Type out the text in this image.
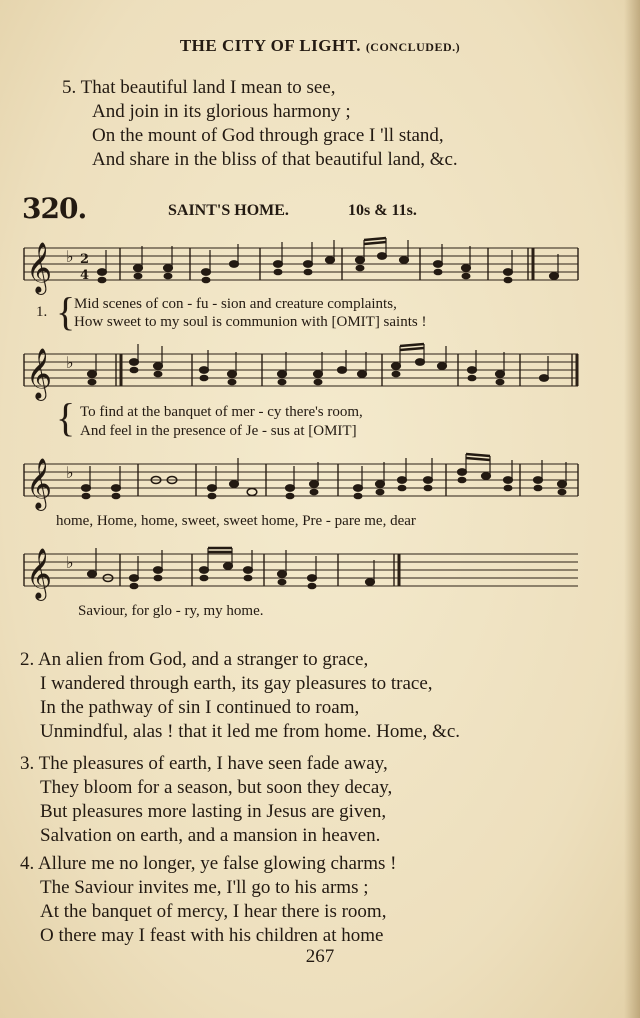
THE CITY OF LIGHT. (CONCLUDED.)
5. That beautiful land I mean to see,
And join in its glorious harmony ;
On the mount of God through grace I 'll stand,
And share in the bliss of that beautiful land, &c.
320.	SAINT'S HOME.	10s & 11s.
𝄞 ♭ 2
4
1. {
Mid scenes of con - fu - sion and creature complaints,
How sweet to my soul is communion with [OMIT] saints !
𝄞 ♭
{ To find at the banquet of mer - cy there's room,
And feel in the presence of Je - sus at [OMIT]
𝄞 ♭
home, Home, home, sweet, sweet home, Pre - pare me, dear
𝄞 ♭
Saviour, for glo - ry, my home.
2. An alien from God, and a stranger to grace,
I wandered through earth, its gay pleasures to trace,
In the pathway of sin I continued to roam,
Unmindful, alas ! that it led me from home. Home, &c.
3. The pleasures of earth, I have seen fade away,
They bloom for a season, but soon they decay,
But pleasures more lasting in Jesus are given,
Salvation on earth, and a mansion in heaven.
4. Allure me no longer, ye false glowing charms !
The Saviour invites me, I'll go to his arms ;
At the banquet of mercy, I hear there is room,
O there may I feast with his children at home
267
